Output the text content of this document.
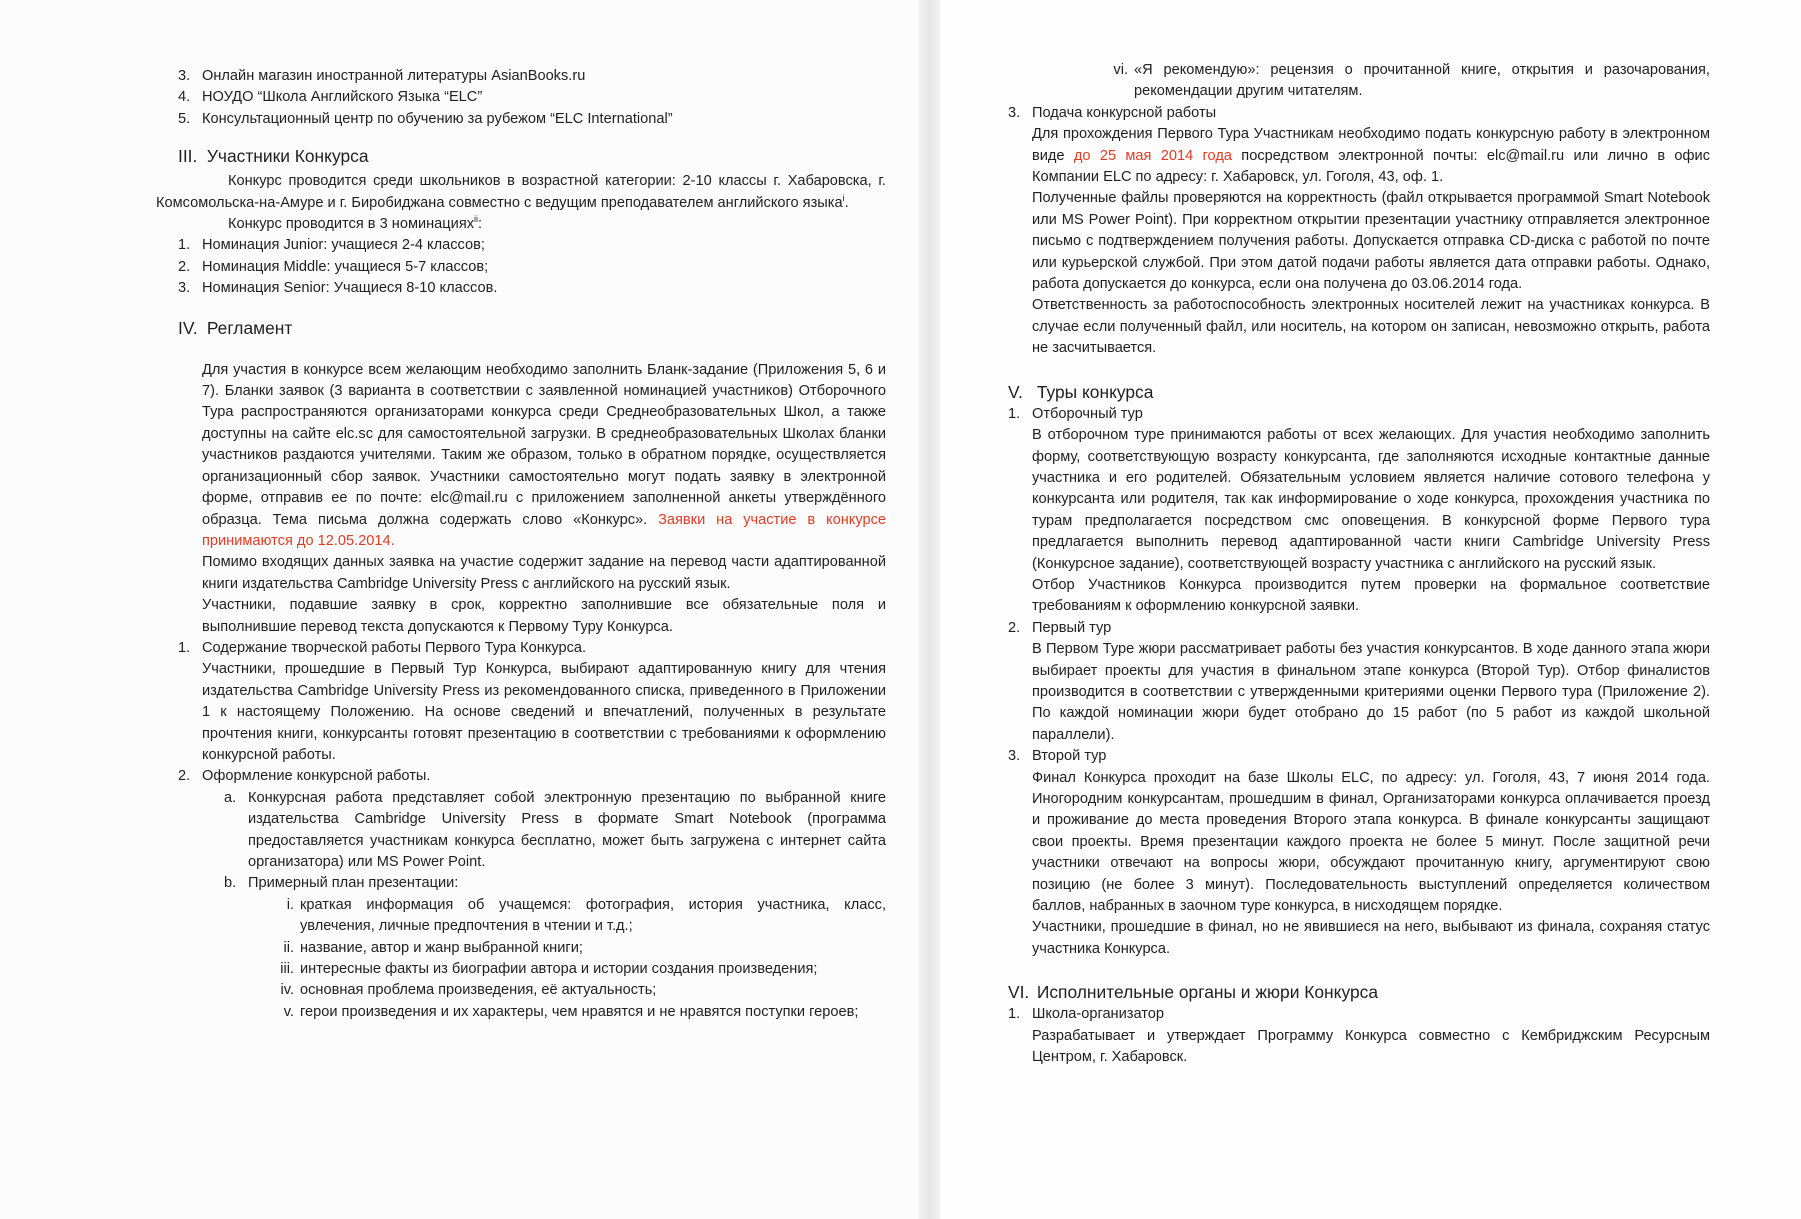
3. Онлайн магазин иностранной литературы AsianBooks.ru
4. НОУДО “Школа Английского Языка “ELC”
5. Консультационный центр по обучению за рубежом “ELC International”
III. Участники Конкурса

Конкурс проводится среди школьников в возрастной категории: 2-10 классы г. Хабаровска, г. Комсомольска-на-Амуре и г. Биробиджана совместно с ведущим преподавателем английского языка$^i$.

Конкурс проводится в 3 номинациях$^{ii}$:

1. Номинация Junior: учащиеся 2-4 классов;
2. Номинация Middle: учащиеся 5-7 классов;
3. Номинация Senior: Учащиеся 8-10 классов.
IV. Регламент

Для участия в конкурсе всем желающим необходимо заполнить Бланк-задание (Приложения 5, 6 и 7). Бланки заявок (3 варианта в соответствии с заявленной номинацией участников) Отборочного Тура распространяются организаторами конкурса среди Среднеобразовательных Школ, а также доступны на сайте elc.sc для самостоятельной загрузки. В среднеобразовательных Школах бланки участников раздаются учителями. Таким же образом, только в обратном порядке, осуществляется организационный сбор заявок. Участники самостоятельно могут подать заявку в электронной форме, отправив ее по почте: elc@mail.ru с приложением заполненной анкеты утверждённого образца. Тема письма должна содержать слово «Конкурс». Заявки на участие в конкурсе принимаются до 12.05.2014.

Помимо входящих данных заявка на участие содержит задание на перевод части адаптированной книги издательства Cambridge University Press с английского на русский язык.

Участники, подавшие заявку в срок, корректно заполнившие все обязательные поля и выполнившие перевод текста допускаются к Первому Туру Конкурса.

1. Содержание творческой работы Первого Тура Конкурса.

Участники, прошедшие в Первый Тур Конкурса, выбирают адаптированную книгу для чтения издательства Cambridge University Press из рекомендованного списка, приведенного в Приложении 1 к настоящему Положению. На основе сведений и впечатлений, полученных в результате прочтения книги, конкурсанты готовят презентацию в соответствии с требованиями к оформлению конкурсной работы.

2. Оформление конкурсной работы.
a. Конкурсная работа представляет собой электронную презентацию по выбранной книге издательства Cambridge University Press в формате Smart Notebook (программа предоставляется участникам конкурса бесплатно, может быть загружена с интернет сайта организатора) или MS Power Point.

b. Примерный план презентации:
i. краткая информация об учащемся: фотография, история участника, класс, увлечения, личные предпочтения в чтении и т.д.;

ii. название, автор и жанр выбранной книги;

iii. интересные факты из биографии автора и истории создания произведения;

iv. основная проблема произведения, её актуальность;

v. герои произведения и их характеры, чем нравятся и не нравятся поступки героев;

vi. «Я рекомендую»: рецензия о прочитанной книге, открытия и разочарования, рекомендации другим читателям.

3. Подача конкурсной работы

Для прохождения Первого Тура Участникам необходимо подать конкурсную работу в электронном виде до 25 мая 2014 года посредством электронной почты: elc@mail.ru или лично в офис Компании ELC по адресу: г. Хабаровск, ул. Гоголя, 43, оф. 1.

Полученные файлы проверяются на корректность (файл открывается программой Smart Notebook или MS Power Point). При корректном открытии презентации участнику отправляется электронное письмо с подтверждением получения работы. Допускается отправка CD-диска с работой по почте или курьерской службой. При этом датой подачи работы является дата отправки работы. Однако, работа допускается до конкурса, если она получена до 03.06.2014 года.

Ответственность за работоспособность электронных носителей лежит на участниках конкурса. В случае если полученный файл, или носитель, на котором он записан, невозможно открыть, работа не засчитывается.

V. Туры конкурса
1. Отборочный тур

В отборочном туре принимаются работы от всех желающих. Для участия необходимо заполнить форму, соответствующую возрасту конкурсанта, где заполняются исходные контактные данные участника и его родителей. Обязательным условием является наличие сотового телефона у конкурсанта или родителя, так как информирование о ходе конкурса, прохождения участника по турам предполагается посредством смс оповещения. В конкурсной форме Первого тура предлагается выполнить перевод адаптированной части книги Cambridge University Press (Конкурсное задание), соответствующей возрасту участника с английского на русский язык.

Отбор Участников Конкурса производится путем проверки на формальное соответствие требованиям к оформлению конкурсной заявки.

2. Первый тур

В Первом Туре жюри рассматривает работы без участия конкурсантов. В ходе данного этапа жюри выбирает проекты для участия в финальном этапе конкурса (Второй Тур). Отбор финалистов производится в соответствии с утвержденными критериями оценки Первого тура (Приложение 2). По каждой номинации жюри будет отобрано до 15 работ (по 5 работ из каждой школьной параллели).

3. Второй тур

Финал Конкурса проходит на базе Школы ELC, по адресу: ул. Гоголя, 43, 7 июня 2014 года. Иногородним конкурсантам, прошедшим в финал, Организаторами конкурса оплачивается проезд и проживание до места проведения Второго этапа конкурса. В финале конкурсанты защищают свои проекты. Время презентации каждого проекта не более 5 минут. После защитной речи участники отвечают на вопросы жюри, обсуждают прочитанную книгу, аргументируют свою позицию (не более 3 минут). Последовательность выступлений определяется количеством баллов, набранных в заочном туре конкурса, в нисходящем порядке.

Участники, прошедшие в финал, но не явившиеся на него, выбывают из финала, сохраняя статус участника Конкурса.

VI. Исполнительные органы и жюри Конкурса
1. Школа-организатор

Разрабатывает и утверждает Программу Конкурса совместно с Кембриджским Ресурсным Центром, г. Хабаровск.
